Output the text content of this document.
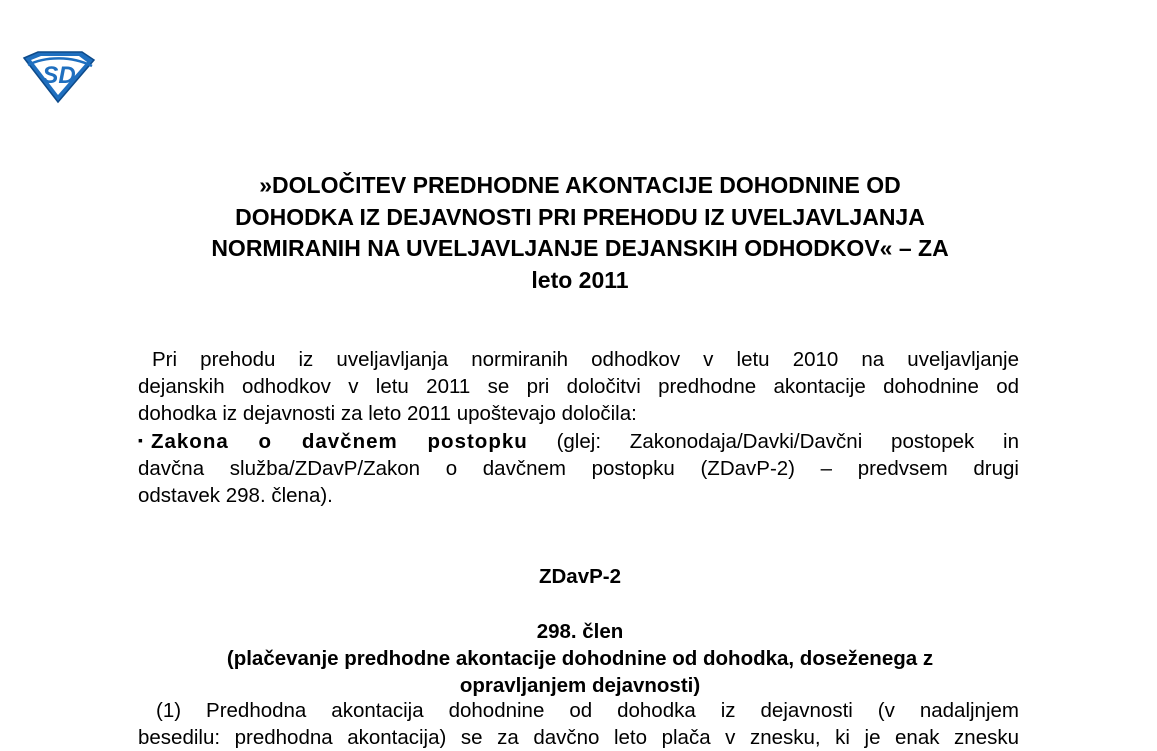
SD
»DOLOČITEV PREDHODNE AKONTACIJE DOHODNINE OD
DOHODKA IZ DEJAVNOSTI PRI PREHODU IZ UVELJAVLJANJA
NORMIRANIH NA UVELJAVLJANJE DEJANSKIH ODHODKOV« – ZA
leto 2011
Pri prehodu iz uveljavljanja normiranih odhodkov v letu 2010 na uveljavljanje
dejanskih odhodkov v letu 2011 se pri določitvi predhodne akontacije dohodnine od
dohodka iz dejavnosti za leto 2011 upoštevajo določila:
▪ Zakona o davčnem postopku (glej: Zakonodaja/Davki/Davčni postopek in
davčna služba/ZDavP/Zakon o davčnem postopku (ZDavP-2) – predvsem drugi
odstavek 298. člena).
ZDavP-2
298. člen
(plačevanje predhodne akontacije dohodnine od dohodka, doseženega z
opravljanjem dejavnosti)
(1) Predhodna akontacija dohodnine od dohodka iz dejavnosti (v nadaljnjem
besedilu: predhodna akontacija) se za davčno leto plača v znesku, ki je enak znesku
